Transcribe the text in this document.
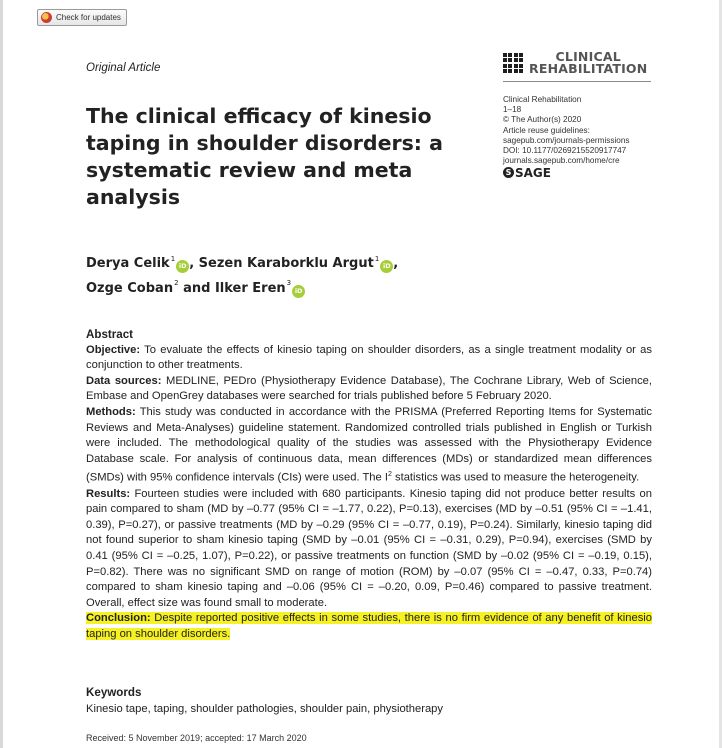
Check for updates
Original Article
CLINICAL
REHABILITATION
Clinical Rehabilitation
1–18
© The Author(s) 2020
Article reuse guidelines:
sagepub.com/journals-permissions
DOI: 10.1177/0269215520917747
journals.sagepub.com/home/cre
S SAGE
The clinical efficacy of kinesio taping in shoulder disorders: a systematic review and meta analysis
Derya Celik$^1$iD , Sezen Karaborklu Argut$^1$iD ,
Ozge Coban$^2$ and Ilker Eren$^3$iD
Abstract

Objective: To evaluate the effects of kinesio taping on shoulder disorders, as a single treatment modality or as conjunction to other treatments.

Data sources: MEDLINE, PEDro (Physiotherapy Evidence Database), The Cochrane Library, Web of Science, Embase and OpenGrey databases were searched for trials published before 5 February 2020.

Methods: This study was conducted in accordance with the PRISMA (Preferred Reporting Items for Systematic Reviews and Meta-Analyses) guideline statement. Randomized controlled trials published in English or Turkish were included. The methodological quality of the studies was assessed with the Physiotherapy Evidence Database scale. For analysis of continuous data, mean differences (MDs) or standardized mean differences (SMDs) with 95% confidence intervals (CIs) were used. The $I^2$ statistics was used to measure the heterogeneity.

Results: Fourteen studies were included with 680 participants. Kinesio taping did not produce better results on pain compared to sham (MD by –0.77 (95% CI = –1.77, 0.22), P=0.13), exercises (MD by –0.51 (95% CI = –1.41, 0.39), P=0.27), or passive treatments (MD by –0.29 (95% CI = –0.77, 0.19), P=0.24). Similarly, kinesio taping did not found superior to sham kinesio taping (SMD by –0.01 (95% CI = –0.31, 0.29), P=0.94), exercises (SMD by 0.41 (95% CI = –0.25, 1.07), P=0.22), or passive treatments on function (SMD by –0.02 (95% CI = –0.19, 0.15), P=0.82). There was no significant SMD on range of motion (ROM) by –0.07 (95% CI = –0.47, 0.33, P=0.74) compared to sham kinesio taping and –0.06 (95% CI = –0.20, 0.09, P=0.46) compared to passive treatment. Overall, effect size was found small to moderate.

Conclusion: Despite reported positive effects in some studies, there is no firm evidence of any benefit of kinesio taping on shoulder disorders.

Keywords
Kinesio tape, taping, shoulder pathologies, shoulder pain, physiotherapy
Received: 5 November 2019; accepted: 17 March 2020
